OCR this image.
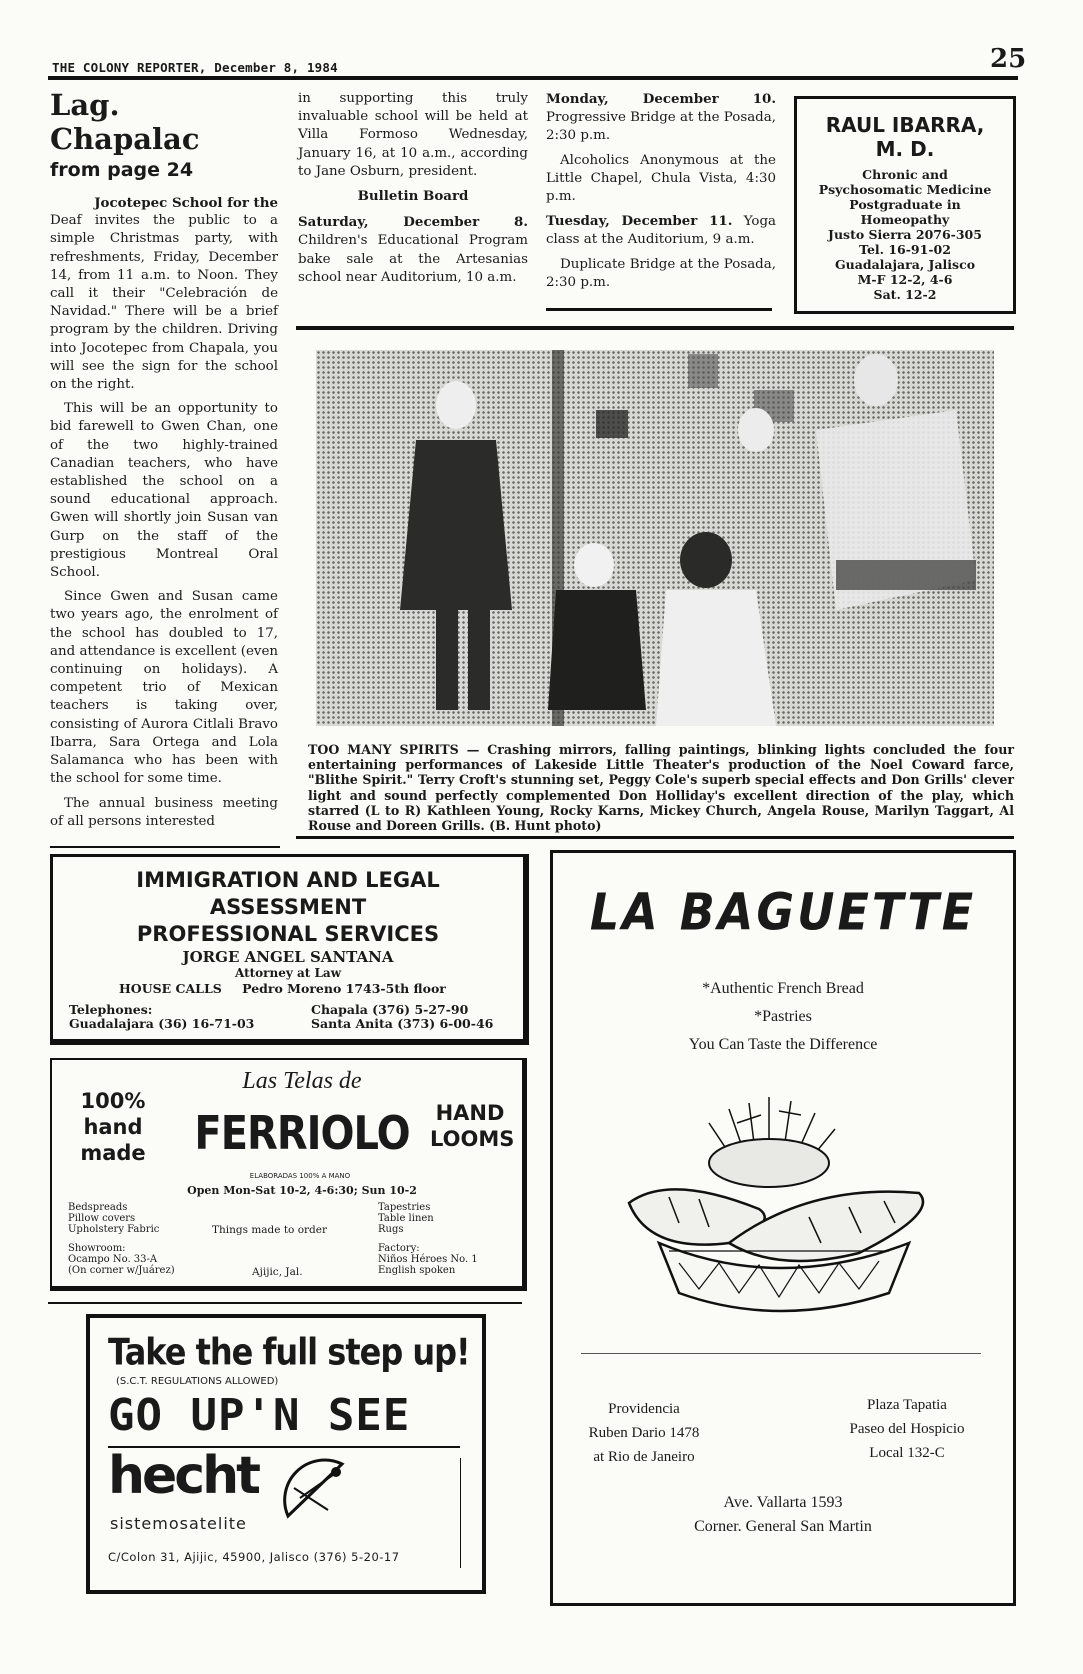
THE COLONY REPORTER, December 8, 1984	25
Lag. Chapalac
from page 24

Jocotepec School for the

Deaf invites the public to a simple Christmas party, with refreshments, Friday, December 14, from 11 a.m. to Noon. They call it their "Celebración de Navidad." There will be a brief program by the children. Driving into Jocotepec from Chapala, you will see the sign for the school on the right.

This will be an opportunity to bid farewell to Gwen Chan, one of the two highly-trained Canadian teachers, who have established the school on a sound educational approach. Gwen will shortly join Susan van Gurp on the staff of the prestigious Montreal Oral School.

Since Gwen and Susan came two years ago, the enrolment of the school has doubled to 17, and attendance is excellent (even continuing on holidays). A competent trio of Mexican teachers is taking over, consisting of Aurora Citlali Bravo Ibarra, Sara Ortega and Lola Salamanca who has been with the school for some time.

The annual business meeting of all persons interested

in supporting this truly invaluable school will be held at Villa Formoso Wednesday, January 16, at 10 a.m., according to Jane Osburn, president.

Bulletin Board

Saturday, December 8. Children's Educational Program bake sale at the Artesanias school near Auditorium, 10 a.m.

Monday, December 10. Progressive Bridge at the Posada, 2:30 p.m.

Alcoholics Anonymous at the Little Chapel, Chula Vista, 4:30 p.m.

Tuesday, December 11. Yoga class at the Auditorium, 9 a.m.

Duplicate Bridge at the Posada, 2:30 p.m.

RAUL IBARRA,
M. D.
Chronic and
Psychosomatic Medicine
Postgraduate in
Homeopathy
Justo Sierra 2076-305
Tel. 16-91-02
Guadalajara, Jalisco
M-F 12-2, 4-6
Sat. 12-2
TOO MANY SPIRITS — Crashing mirrors, falling paintings, blinking lights concluded the four entertaining performances of Lakeside Little Theater's production of the Noel Coward farce, "Blithe Spirit." Terry Croft's stunning set, Peggy Cole's superb special effects and Don Grills' clever light and sound perfectly complemented Don Holliday's excellent direction of the play, which starred (L to R) Kathleen Young, Rocky Karns, Mickey Church, Angela Rouse, Marilyn Taggart, Al Rouse and Doreen Grills. (B. Hunt photo)
IMMIGRATION AND LEGAL
ASSESSMENT
PROFESSIONAL SERVICES
JORGE ANGEL SANTANA
Attorney at Law
HOUSE CALLS Pedro Moreno 1743-5th floor
Telephones:
Guadalajara (36) 16-71-03
Chapala (376) 5-27-90
Santa Anita (373) 6-00-46
100%
hand
made
Las Telas de
FERRIOLO
ELABORADAS 100% A MANO
HAND
LOOMS
Open Mon-Sat 10-2, 4-6:30; Sun 10-2
Bedspreads
Pillow covers
Upholstery Fabric
Showroom:
Ocampo No. 33-A
(On corner w/Juárez)
Things made to order
Tapestries
Table linen
Rugs
Factory:
Niños Héroes No. 1
English spoken
Ajijic, Jal.
Take the full step up!
(S.C.T. REGULATIONS ALLOWED)
GO UP'N SEE
hecht
sistemosatelite
C/Colon 31, Ajijic, 45900, Jalisco (376) 5-20-17
LA BAGUETTE
*Authentic French Bread
*Pastries
You Can Taste the Difference
Providencia
Ruben Dario 1478
at Rio de Janeiro
Plaza Tapatia
Paseo del Hospicio
Local 132-C
Ave. Vallarta 1593
Corner. General San Martin
